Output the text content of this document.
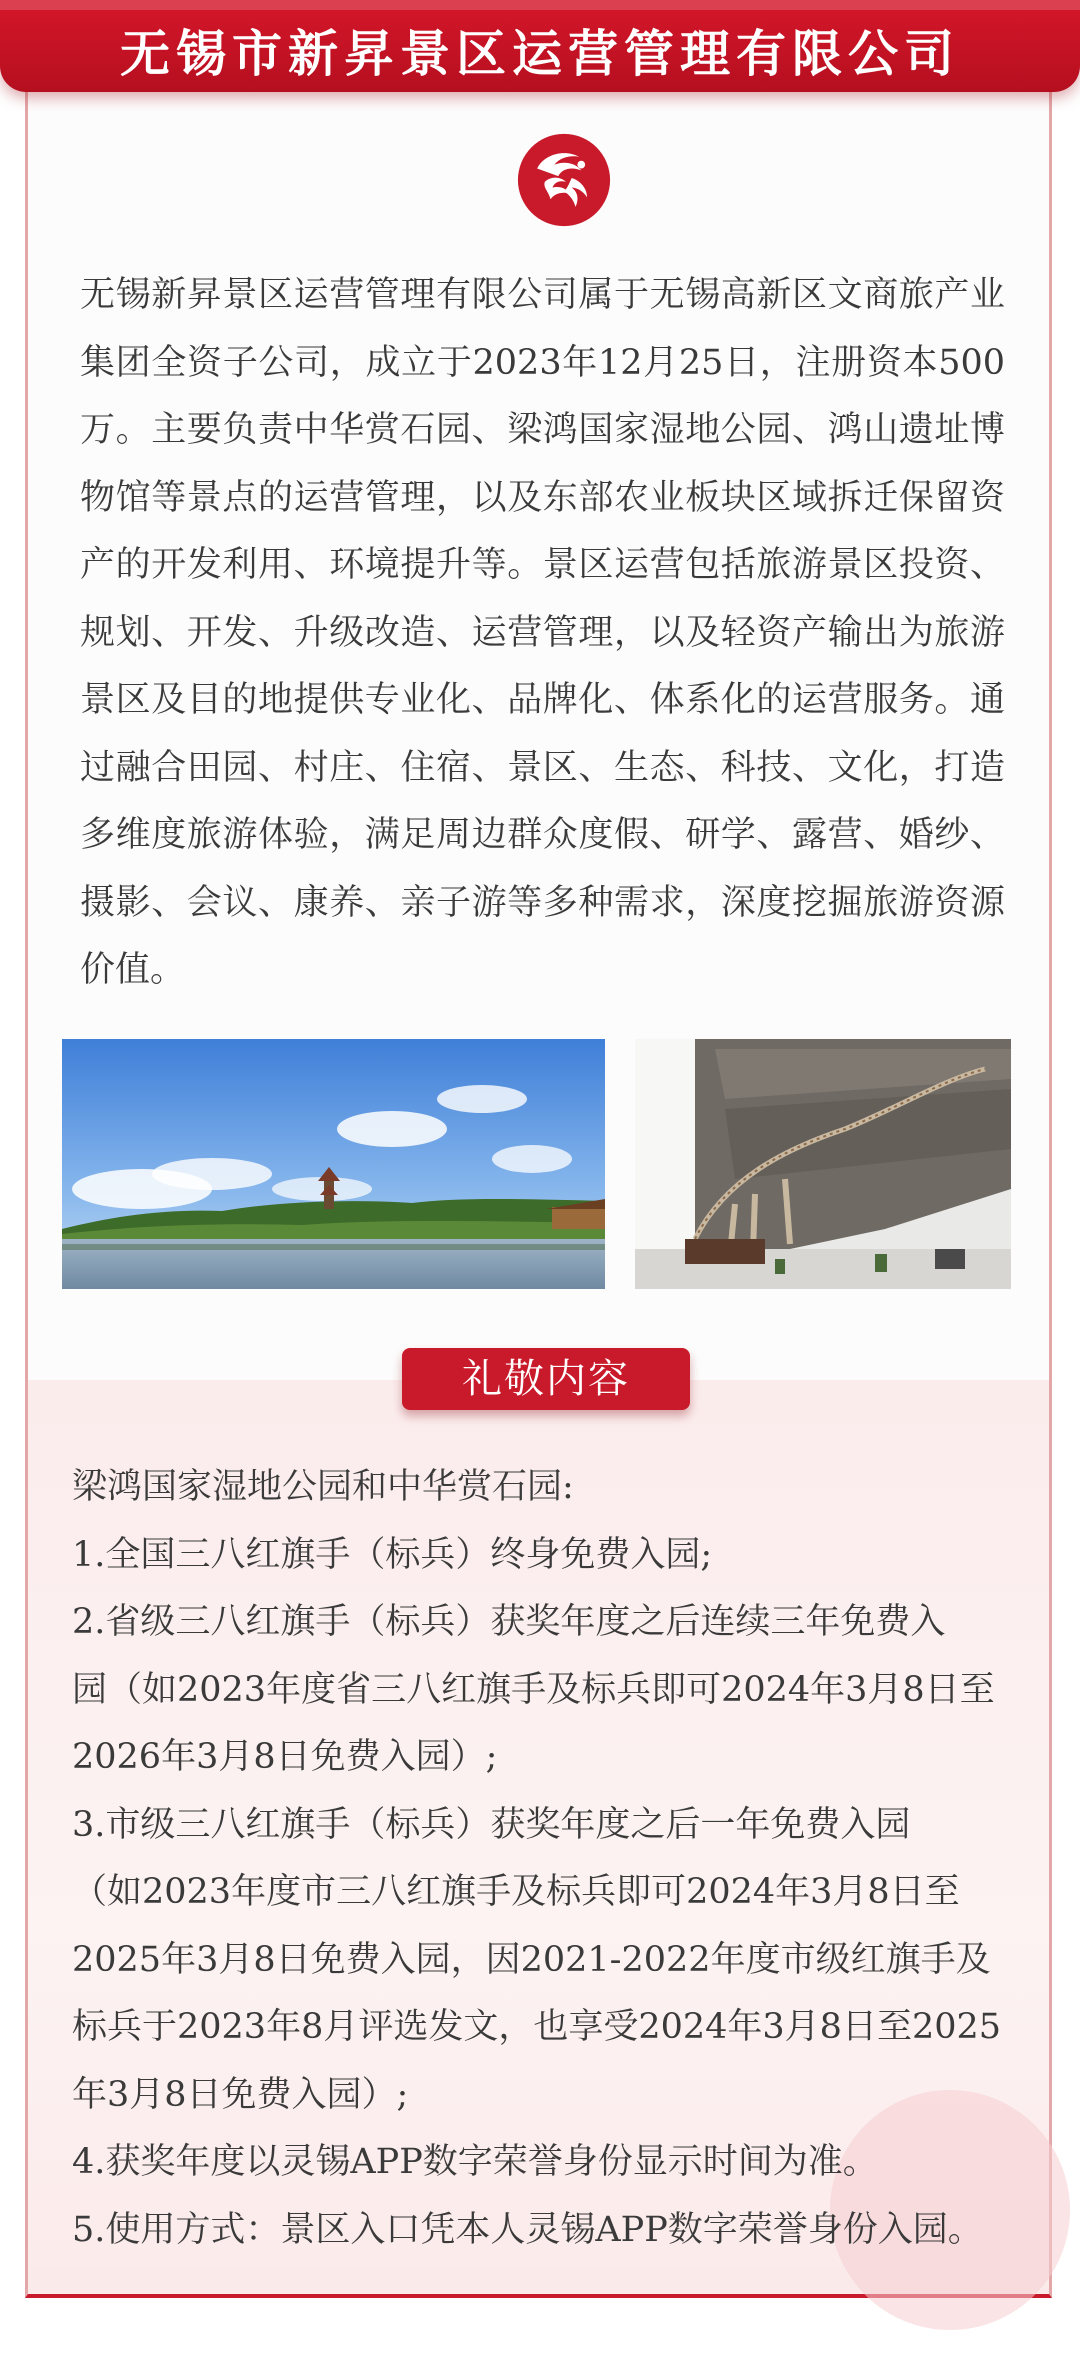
无锡市新昇景区运营管理有限公司

无锡新昇景区运营管理有限公司属于无锡高新区文商旅产业集团全资子公司，成立于2023年12月25日，注册资本500万。主要负责中华赏石园、梁鸿国家湿地公园、鸿山遗址博物馆等景点的运营管理，以及东部农业板块区域拆迁保留资产的开发利用、环境提升等。景区运营包括旅游景区投资、规划、开发、升级改造、运营管理，以及轻资产输出为旅游景区及目的地提供专业化、品牌化、体系化的运营服务。通过融合田园、村庄、住宿、景区、生态、科技、文化，打造多维度旅游体验，满足周边群众度假、研学、露营、婚纱、摄影、会议、康养、亲子游等多种需求，深度挖掘旅游资源价值。

礼敬内容
梁鸿国家湿地公园和中华赏石园:
1.全国三八红旗手（标兵）终身免费入园;
2.省级三八红旗手（标兵）获奖年度之后连续三年免费入
园（如2023年度省三八红旗手及标兵即可2024年3月8日至
2026年3月8日免费入园）;
3.市级三八红旗手（标兵）获奖年度之后一年免费入园
（如2023年度市三八红旗手及标兵即可2024年3月8日至
2025年3月8日免费入园，因2021-2022年度市级红旗手及
标兵于2023年8月评选发文，也享受2024年3月8日至2025
年3月8日免费入园）;
4.获奖年度以灵锡APP数字荣誉身份显示时间为准。
5.使用方式：景区入口凭本人灵锡APP数字荣誉身份入园。
